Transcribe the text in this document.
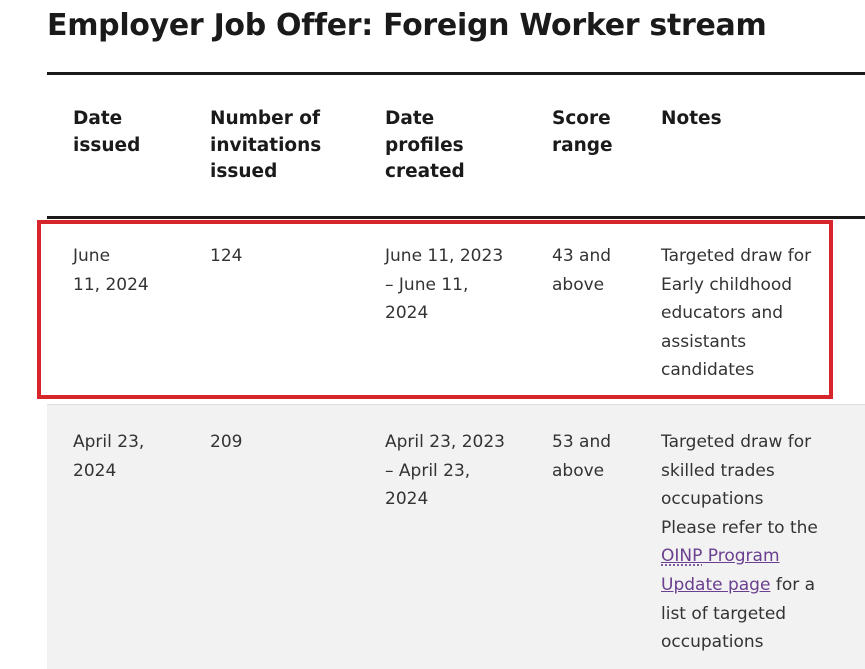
Employer Job Offer: Foreign Worker stream
Date
issued
Number of
invitations
issued
Date
profiles
created
Score
range
Notes
June
11, 2024
124	June 11, 2023
– June 11,
2024
43 and
above
Targeted draw for
Early childhood
educators and
assistants
candidates
April 23,
2024
209	April 23, 2023
– April 23,
2024
53 and
above
Targeted draw for
skilled trades
occupations
Please refer to the
OINP Program
Update page for a
list of targeted
occupations
